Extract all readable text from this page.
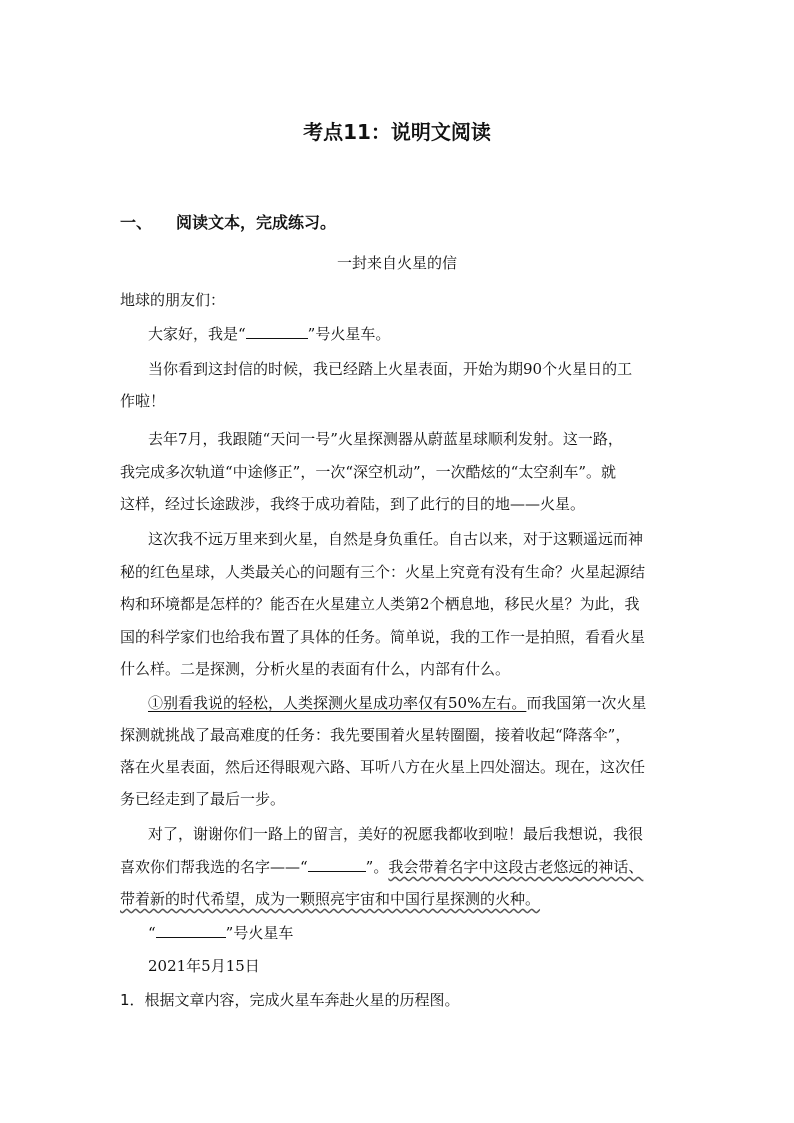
考点11：说明文阅读
一、 阅读文本，完成练习。
一封来自火星的信
地球的朋友们：
大家好，我是“	”号火星车。
当你看到这封信的时候，我已经踏上火星表面，开始为期90个火星日的工
作啦！
去年7月，我跟随“天问一号”火星探测器从蔚蓝星球顺利发射。这一路，
我完成多次轨道“中途修正”，一次“深空机动”，一次酷炫的“太空刹车”。就
这样，经过长途跋涉，我终于成功着陆，到了此行的目的地——火星。
这次我不远万里来到火星，自然是身负重任。自古以来，对于这颗遥远而神
秘的红色星球，人类最关心的问题有三个：火星上究竟有没有生命？火星起源结
构和环境都是怎样的？能否在火星建立人类第2个栖息地，移民火星？为此，我
国的科学家们也给我布置了具体的任务。简单说，我的工作一是拍照，看看火星
什么样。二是探测，分析火星的表面有什么，内部有什么。
①别看我说的轻松，人类探测火星成功率仅有50%左右。而我国第一次火星
探测就挑战了最高难度的任务：我先要围着火星转圈圈，接着收起“降落伞”，
落在火星表面，然后还得眼观六路、耳听八方在火星上四处溜达。现在，这次任
务已经走到了最后一步。
对了，谢谢你们一路上的留言，美好的祝愿我都收到啦！最后我想说，我很
喜欢你们帮我选的名字——“	”。我会带着名字中这段古老悠远的神话、
带着新的时代希望，成为一颗照亮宇宙和中国行星探测的火种。
“	”号火星车
2021年5月15日
1．根据文章内容，完成火星车奔赴火星的历程图。
